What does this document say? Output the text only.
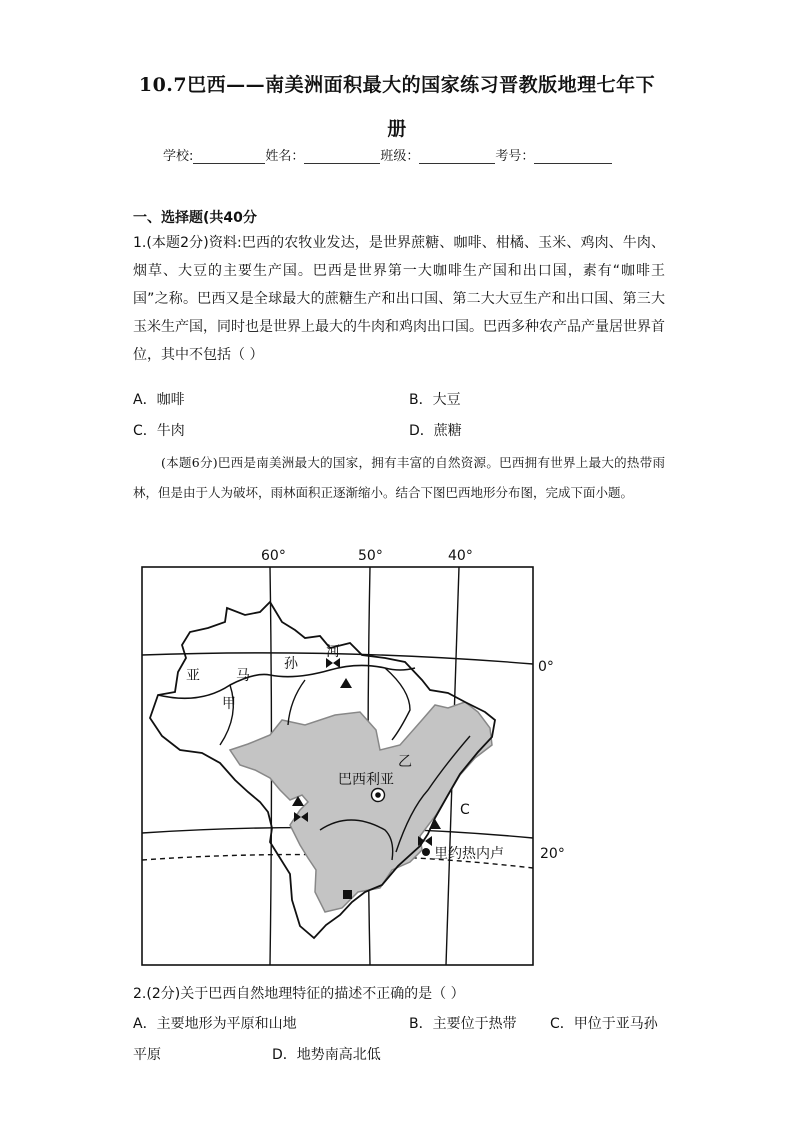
10.7巴西——南美洲面积最大的国家练习晋教版地理七年下
册
学校:	姓名：	班级：	考号：
一、选择题(共40分
1.(本题2分)资料:巴西的农牧业发达，是世界蔗糖、咖啡、柑橘、玉米、鸡肉、牛肉、烟草、大豆的主要生产国。巴西是世界第一大咖啡生产国和出口国，素有“咖啡王国”之称。巴西又是全球最大的蔗糖生产和出口国、第二大大豆生产和出口国、第三大玉米生产国，同时也是世界上最大的牛肉和鸡肉出口国。巴西多种农产品产量居世界首位，其中不包括（ ）
A．咖啡	B．大豆
C．牛肉	D．蔗糖
(本题6分)巴西是南美洲最大的国家，拥有丰富的自然资源。巴西拥有世界上最大的热带雨林，但是由于人为破坏，雨林面积正逐渐缩小。结合下图巴西地形分布图，完成下面小题。
60°	50°	40°
0°
20°
亚	马
孙
河
甲
乙
巴西利亚
C
里约热内卢
2.(2分)关于巴西自然地理特征的描述不正确的是（ ）
A．主要地形为平原和山地	B．主要位于热带 C．甲位于亚马孙
平原	D．地势南高北低
